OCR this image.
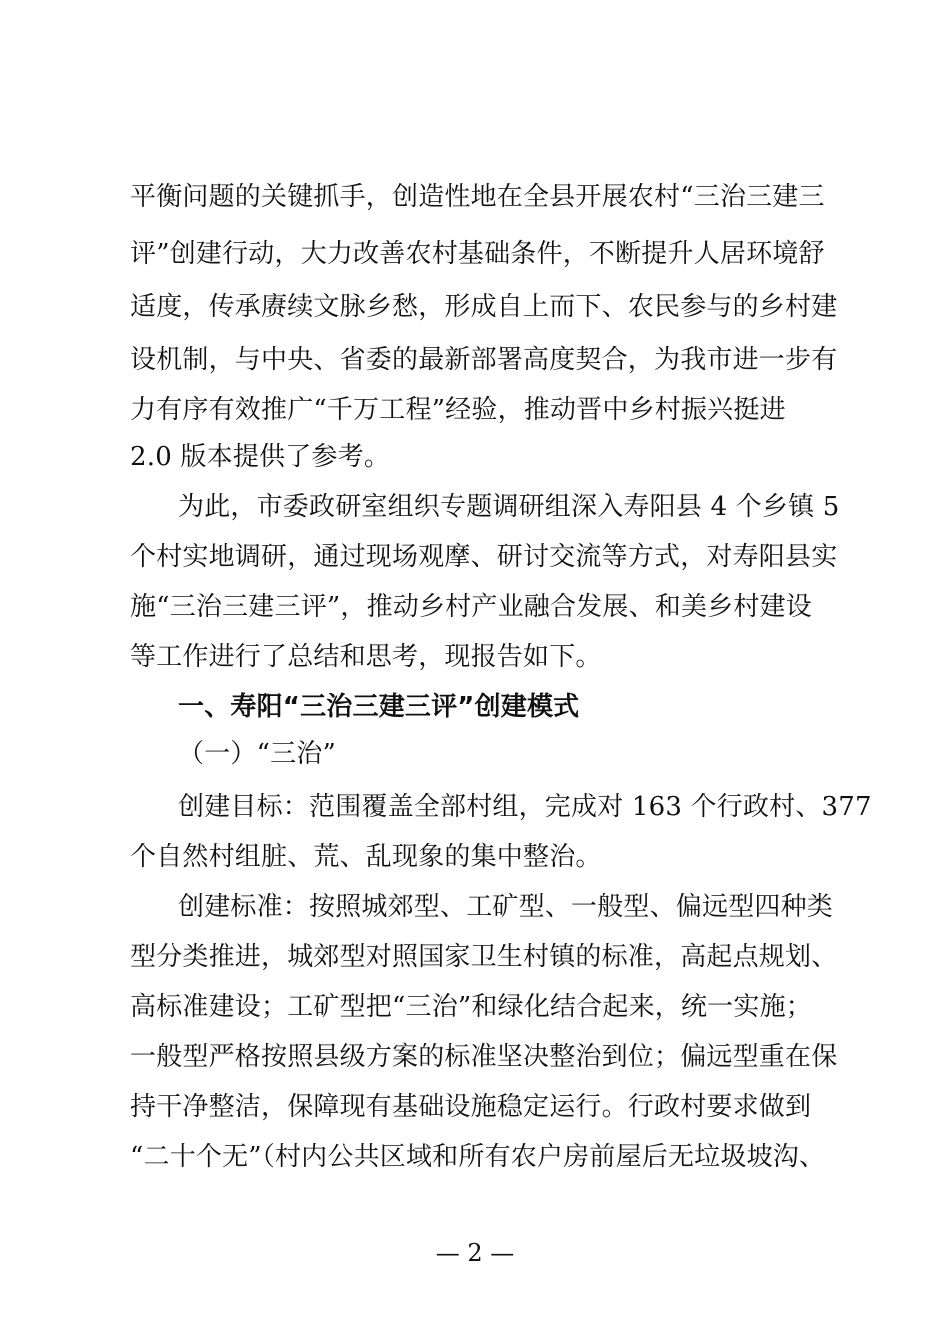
平衡问题的关键抓手，创造性地在全县开展农村“三治三建三
评”创建行动，大力改善农村基础条件，不断提升人居环境舒
适度，传承赓续文脉乡愁，形成自上而下、农民参与的乡村建
设机制，与中央、省委的最新部署高度契合，为我市进一步有
力有序有效推广“千万工程”经验，推动晋中乡村振兴挺进
2.0 版本提供了参考。
为此，市委政研室组织专题调研组深入寿阳县 4 个乡镇 5
个村实地调研，通过现场观摩、研讨交流等方式，对寿阳县实
施“三治三建三评”，推动乡村产业融合发展、和美乡村建设
等工作进行了总结和思考，现报告如下。
一、寿阳“三治三建三评”创建模式
（一）“三治”
创建目标：范围覆盖全部村组，完成对 163 个行政村、377
个自然村组脏、荒、乱现象的集中整治。
创建标准：按照城郊型、工矿型、一般型、偏远型四种类
型分类推进，城郊型对照国家卫生村镇的标准，高起点规划、
高标准建设；工矿型把“三治”和绿化结合起来，统一实施；
一般型严格按照县级方案的标准坚决整治到位；偏远型重在保
持干净整洁，保障现有基础设施稳定运行。行政村要求做到
“二十个无”（村内公共区域和所有农户房前屋后无垃圾坡沟、
— 2 —
